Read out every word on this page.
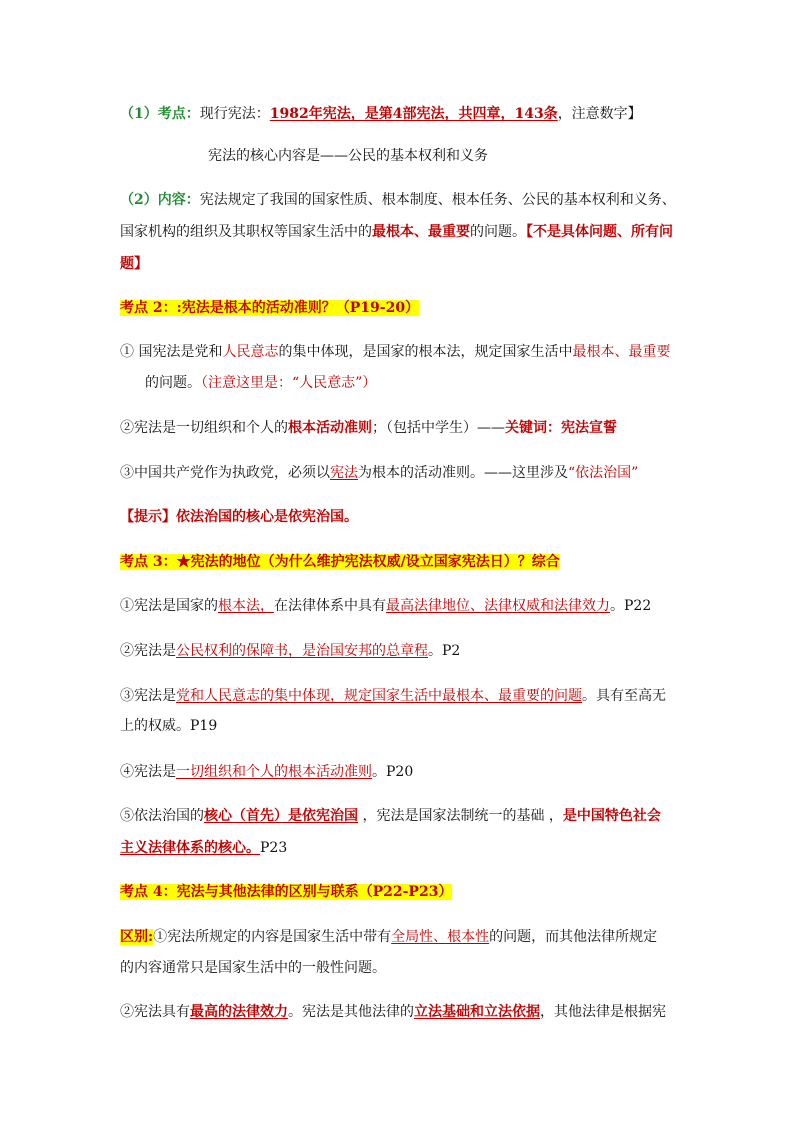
（1）考点：现行宪法：1982年宪法，是第4部宪法，共四章，143条，注意数字】
宪法的核心内容是——公民的基本权利和义务
（2）内容：宪法规定了我国的国家性质、根本制度、根本任务、公民的基本权利和义务、
国家机构的组织及其职权等国家生活中的最根本、最重要的问题。【不是具体问题、所有问
题】
考点 2：:宪法是根本的活动准则？（P19-20）
① 国宪法是党和人民意志的集中体现，是国家的根本法，规定国家生活中最根本、最重要
的问题。（注意这里是：“人民意志”）
②宪法是一切组织和个人的根本活动准则；（包括中学生）——关键词：宪法宣誓
③中国共产党作为执政党，必须以宪法为根本的活动准则。——这里涉及“依法治国”
【提示】依法治国的核心是依宪治国。
考点 3：★宪法的地位（为什么维护宪法权威/设立国家宪法日）？综合
①宪法是国家的根本法，在法律体系中具有最高法律地位、法律权威和法律效力。P22
②宪法是公民权利的保障书，是治国安邦的总章程。P2
③宪法是党和人民意志的集中体现，规定国家生活中最根本、最重要的问题。具有至高无
上的权威。P19
④宪法是一切组织和个人的根本活动准则。P20
⑤依法治国的核心（首先）是依宪治国 ，宪法是国家法制统一的基础 ，是中国特色社会
主义法律体系的核心。P23
考点 4：宪法与其他法律的区别与联系（P22-P23）
区别:①宪法所规定的内容是国家生活中带有全局性、根本性的问题，而其他法律所规定
的内容通常只是国家生活中的一般性问题。
②宪法具有最高的法律效力。宪法是其他法律的立法基础和立法依据，其他法律是根据宪
